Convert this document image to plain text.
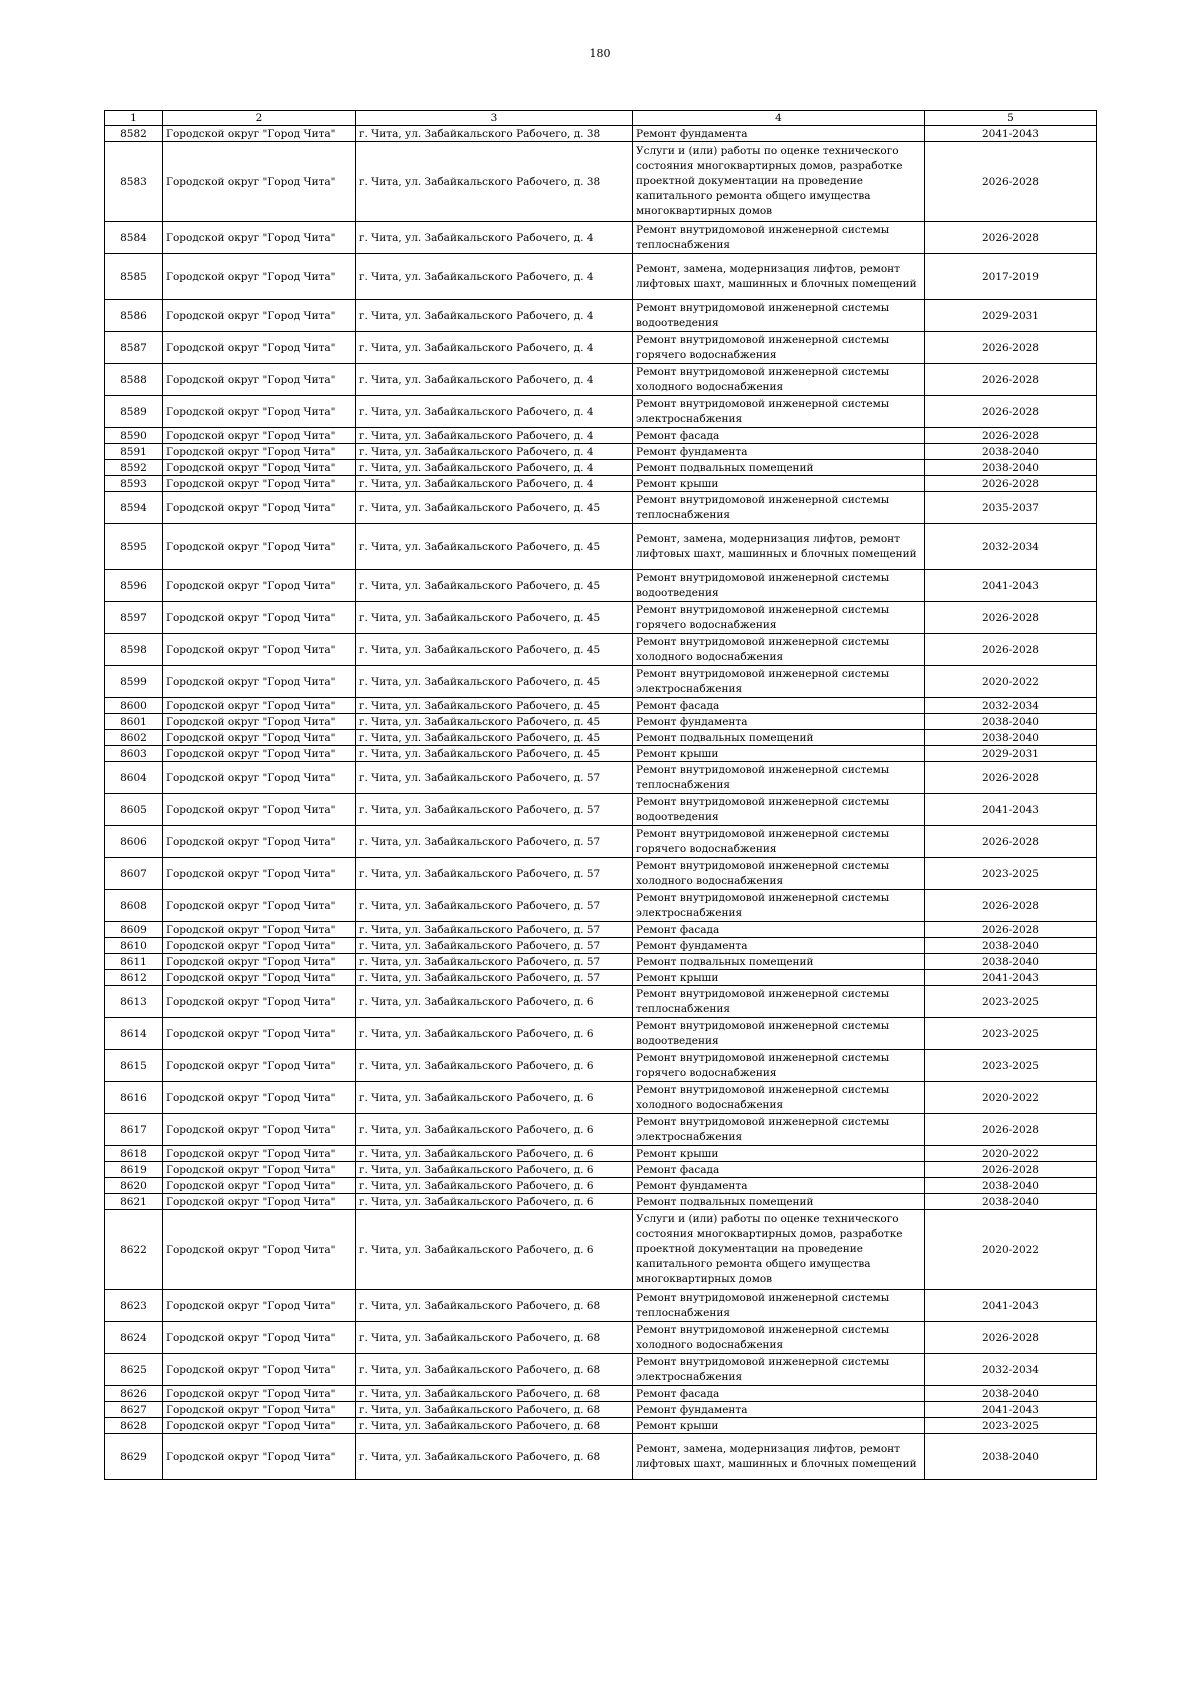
180
1	2	3	4	5
8582	Городской округ "Город Чита"	г. Чита, ул. Забайкальского Рабочего, д. 38	Ремонт фундамента	2041-2043
8583	Городской округ "Город Чита"	г. Чита, ул. Забайкальского Рабочего, д. 38	Услуги и (или) работы по оценке технического состояния многоквартирных домов, разработке проектной документации на проведение капитального ремонта общего имущества многоквартирных домов	2026-2028
8584	Городской округ "Город Чита"	г. Чита, ул. Забайкальского Рабочего, д. 4	Ремонт внутридомовой инженерной системы теплоснабжения	2026-2028
8585	Городской округ "Город Чита"	г. Чита, ул. Забайкальского Рабочего, д. 4	Ремонт, замена, модернизация лифтов, ремонт лифтовых шахт, машинных и блочных помещений	2017-2019
8586	Городской округ "Город Чита"	г. Чита, ул. Забайкальского Рабочего, д. 4	Ремонт внутридомовой инженерной системы водоотведения	2029-2031
8587	Городской округ "Город Чита"	г. Чита, ул. Забайкальского Рабочего, д. 4	Ремонт внутридомовой инженерной системы горячего водоснабжения	2026-2028
8588	Городской округ "Город Чита"	г. Чита, ул. Забайкальского Рабочего, д. 4	Ремонт внутридомовой инженерной системы холодного водоснабжения	2026-2028
8589	Городской округ "Город Чита"	г. Чита, ул. Забайкальского Рабочего, д. 4	Ремонт внутридомовой инженерной системы электроснабжения	2026-2028
8590	Городской округ "Город Чита"	г. Чита, ул. Забайкальского Рабочего, д. 4	Ремонт фасада	2026-2028
8591	Городской округ "Город Чита"	г. Чита, ул. Забайкальского Рабочего, д. 4	Ремонт фундамента	2038-2040
8592	Городской округ "Город Чита"	г. Чита, ул. Забайкальского Рабочего, д. 4	Ремонт подвальных помещений	2038-2040
8593	Городской округ "Город Чита"	г. Чита, ул. Забайкальского Рабочего, д. 4	Ремонт крыши	2026-2028
8594	Городской округ "Город Чита"	г. Чита, ул. Забайкальского Рабочего, д. 45	Ремонт внутридомовой инженерной системы теплоснабжения	2035-2037
8595	Городской округ "Город Чита"	г. Чита, ул. Забайкальского Рабочего, д. 45	Ремонт, замена, модернизация лифтов, ремонт лифтовых шахт, машинных и блочных помещений	2032-2034
8596	Городской округ "Город Чита"	г. Чита, ул. Забайкальского Рабочего, д. 45	Ремонт внутридомовой инженерной системы водоотведения	2041-2043
8597	Городской округ "Город Чита"	г. Чита, ул. Забайкальского Рабочего, д. 45	Ремонт внутридомовой инженерной системы горячего водоснабжения	2026-2028
8598	Городской округ "Город Чита"	г. Чита, ул. Забайкальского Рабочего, д. 45	Ремонт внутридомовой инженерной системы холодного водоснабжения	2026-2028
8599	Городской округ "Город Чита"	г. Чита, ул. Забайкальского Рабочего, д. 45	Ремонт внутридомовой инженерной системы электроснабжения	2020-2022
8600	Городской округ "Город Чита"	г. Чита, ул. Забайкальского Рабочего, д. 45	Ремонт фасада	2032-2034
8601	Городской округ "Город Чита"	г. Чита, ул. Забайкальского Рабочего, д. 45	Ремонт фундамента	2038-2040
8602	Городской округ "Город Чита"	г. Чита, ул. Забайкальского Рабочего, д. 45	Ремонт подвальных помещений	2038-2040
8603	Городской округ "Город Чита"	г. Чита, ул. Забайкальского Рабочего, д. 45	Ремонт крыши	2029-2031
8604	Городской округ "Город Чита"	г. Чита, ул. Забайкальского Рабочего, д. 57	Ремонт внутридомовой инженерной системы теплоснабжения	2026-2028
8605	Городской округ "Город Чита"	г. Чита, ул. Забайкальского Рабочего, д. 57	Ремонт внутридомовой инженерной системы водоотведения	2041-2043
8606	Городской округ "Город Чита"	г. Чита, ул. Забайкальского Рабочего, д. 57	Ремонт внутридомовой инженерной системы горячего водоснабжения	2026-2028
8607	Городской округ "Город Чита"	г. Чита, ул. Забайкальского Рабочего, д. 57	Ремонт внутридомовой инженерной системы холодного водоснабжения	2023-2025
8608	Городской округ "Город Чита"	г. Чита, ул. Забайкальского Рабочего, д. 57	Ремонт внутридомовой инженерной системы электроснабжения	2026-2028
8609	Городской округ "Город Чита"	г. Чита, ул. Забайкальского Рабочего, д. 57	Ремонт фасада	2026-2028
8610	Городской округ "Город Чита"	г. Чита, ул. Забайкальского Рабочего, д. 57	Ремонт фундамента	2038-2040
8611	Городской округ "Город Чита"	г. Чита, ул. Забайкальского Рабочего, д. 57	Ремонт подвальных помещений	2038-2040
8612	Городской округ "Город Чита"	г. Чита, ул. Забайкальского Рабочего, д. 57	Ремонт крыши	2041-2043
8613	Городской округ "Город Чита"	г. Чита, ул. Забайкальского Рабочего, д. 6	Ремонт внутридомовой инженерной системы теплоснабжения	2023-2025
8614	Городской округ "Город Чита"	г. Чита, ул. Забайкальского Рабочего, д. 6	Ремонт внутридомовой инженерной системы водоотведения	2023-2025
8615	Городской округ "Город Чита"	г. Чита, ул. Забайкальского Рабочего, д. 6	Ремонт внутридомовой инженерной системы горячего водоснабжения	2023-2025
8616	Городской округ "Город Чита"	г. Чита, ул. Забайкальского Рабочего, д. 6	Ремонт внутридомовой инженерной системы холодного водоснабжения	2020-2022
8617	Городской округ "Город Чита"	г. Чита, ул. Забайкальского Рабочего, д. 6	Ремонт внутридомовой инженерной системы электроснабжения	2026-2028
8618	Городской округ "Город Чита"	г. Чита, ул. Забайкальского Рабочего, д. 6	Ремонт крыши	2020-2022
8619	Городской округ "Город Чита"	г. Чита, ул. Забайкальского Рабочего, д. 6	Ремонт фасада	2026-2028
8620	Городской округ "Город Чита"	г. Чита, ул. Забайкальского Рабочего, д. 6	Ремонт фундамента	2038-2040
8621	Городской округ "Город Чита"	г. Чита, ул. Забайкальского Рабочего, д. 6	Ремонт подвальных помещений	2038-2040
8622	Городской округ "Город Чита"	г. Чита, ул. Забайкальского Рабочего, д. 6	Услуги и (или) работы по оценке технического состояния многоквартирных домов, разработке проектной документации на проведение капитального ремонта общего имущества многоквартирных домов	2020-2022
8623	Городской округ "Город Чита"	г. Чита, ул. Забайкальского Рабочего, д. 68	Ремонт внутридомовой инженерной системы теплоснабжения	2041-2043
8624	Городской округ "Город Чита"	г. Чита, ул. Забайкальского Рабочего, д. 68	Ремонт внутридомовой инженерной системы холодного водоснабжения	2026-2028
8625	Городской округ "Город Чита"	г. Чита, ул. Забайкальского Рабочего, д. 68	Ремонт внутридомовой инженерной системы электроснабжения	2032-2034
8626	Городской округ "Город Чита"	г. Чита, ул. Забайкальского Рабочего, д. 68	Ремонт фасада	2038-2040
8627	Городской округ "Город Чита"	г. Чита, ул. Забайкальского Рабочего, д. 68	Ремонт фундамента	2041-2043
8628	Городской округ "Город Чита"	г. Чита, ул. Забайкальского Рабочего, д. 68	Ремонт крыши	2023-2025
8629	Городской округ "Город Чита"	г. Чита, ул. Забайкальского Рабочего, д. 68	Ремонт, замена, модернизация лифтов, ремонт лифтовых шахт, машинных и блочных помещений	2038-2040
